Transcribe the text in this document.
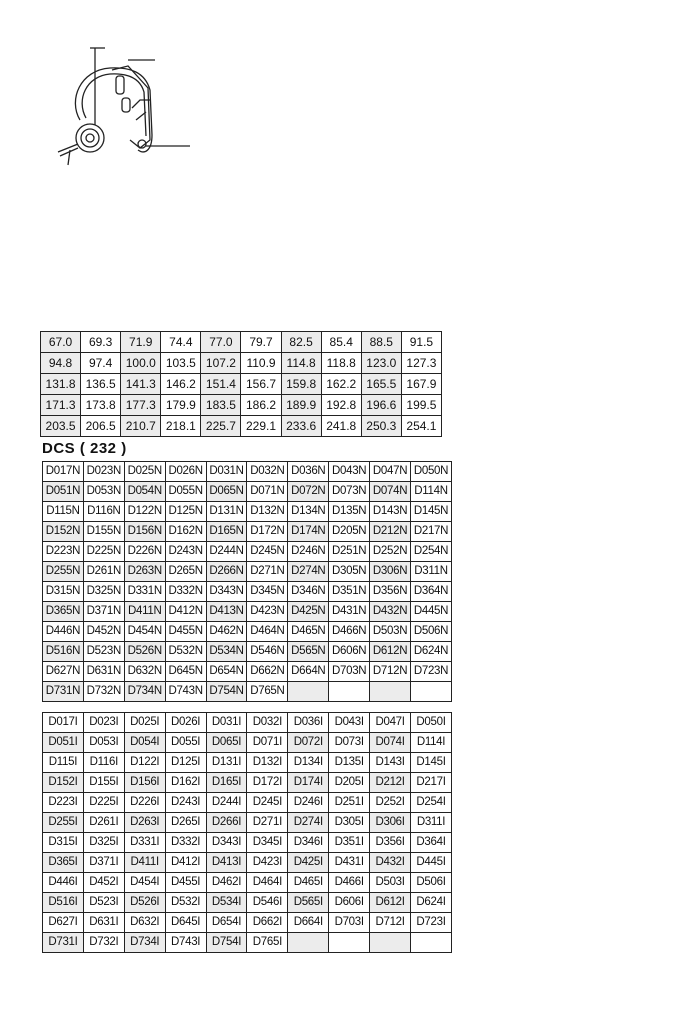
67.0	69.3	71.9	74.4	77.0	79.7	82.5	85.4	88.5	91.5
94.8	97.4	100.0	103.5	107.2	110.9	114.8	118.8	123.0	127.3
131.8	136.5	141.3	146.2	151.4	156.7	159.8	162.2	165.5	167.9
171.3	173.8	177.3	179.9	183.5	186.2	189.9	192.8	196.6	199.5
203.5	206.5	210.7	218.1	225.7	229.1	233.6	241.8	250.3	254.1
DCS ( 232 )
D017N	D023N	D025N	D026N	D031N	D032N	D036N	D043N	D047N	D050N
D051N	D053N	D054N	D055N	D065N	D071N	D072N	D073N	D074N	D114N
D115N	D116N	D122N	D125N	D131N	D132N	D134N	D135N	D143N	D145N
D152N	D155N	D156N	D162N	D165N	D172N	D174N	D205N	D212N	D217N
D223N	D225N	D226N	D243N	D244N	D245N	D246N	D251N	D252N	D254N
D255N	D261N	D263N	D265N	D266N	D271N	D274N	D305N	D306N	D311N
D315N	D325N	D331N	D332N	D343N	D345N	D346N	D351N	D356N	D364N
D365N	D371N	D411N	D412N	D413N	D423N	D425N	D431N	D432N	D445N
D446N	D452N	D454N	D455N	D462N	D464N	D465N	D466N	D503N	D506N
D516N	D523N	D526N	D532N	D534N	D546N	D565N	D606N	D612N	D624N
D627N	D631N	D632N	D645N	D654N	D662N	D664N	D703N	D712N	D723N
D731N	D732N	D734N	D743N	D754N	D765N				
D017I	D023I	D025I	D026I	D031I	D032I	D036I	D043I	D047I	D050I
D051I	D053I	D054I	D055I	D065I	D071I	D072I	D073I	D074I	D114I
D115I	D116I	D122I	D125I	D131I	D132I	D134I	D135I	D143I	D145I
D152I	D155I	D156I	D162I	D165I	D172I	D174I	D205I	D212I	D217I
D223I	D225I	D226I	D243I	D244I	D245I	D246I	D251I	D252I	D254I
D255I	D261I	D263I	D265I	D266I	D271I	D274I	D305I	D306I	D311I
D315I	D325I	D331I	D332I	D343I	D345I	D346I	D351I	D356I	D364I
D365I	D371I	D411I	D412I	D413I	D423I	D425I	D431I	D432I	D445I
D446I	D452I	D454I	D455I	D462I	D464I	D465I	D466I	D503I	D506I
D516I	D523I	D526I	D532I	D534I	D546I	D565I	D606I	D612I	D624I
D627I	D631I	D632I	D645I	D654I	D662I	D664I	D703I	D712I	D723I
D731I	D732I	D734I	D743I	D754I	D765I				
